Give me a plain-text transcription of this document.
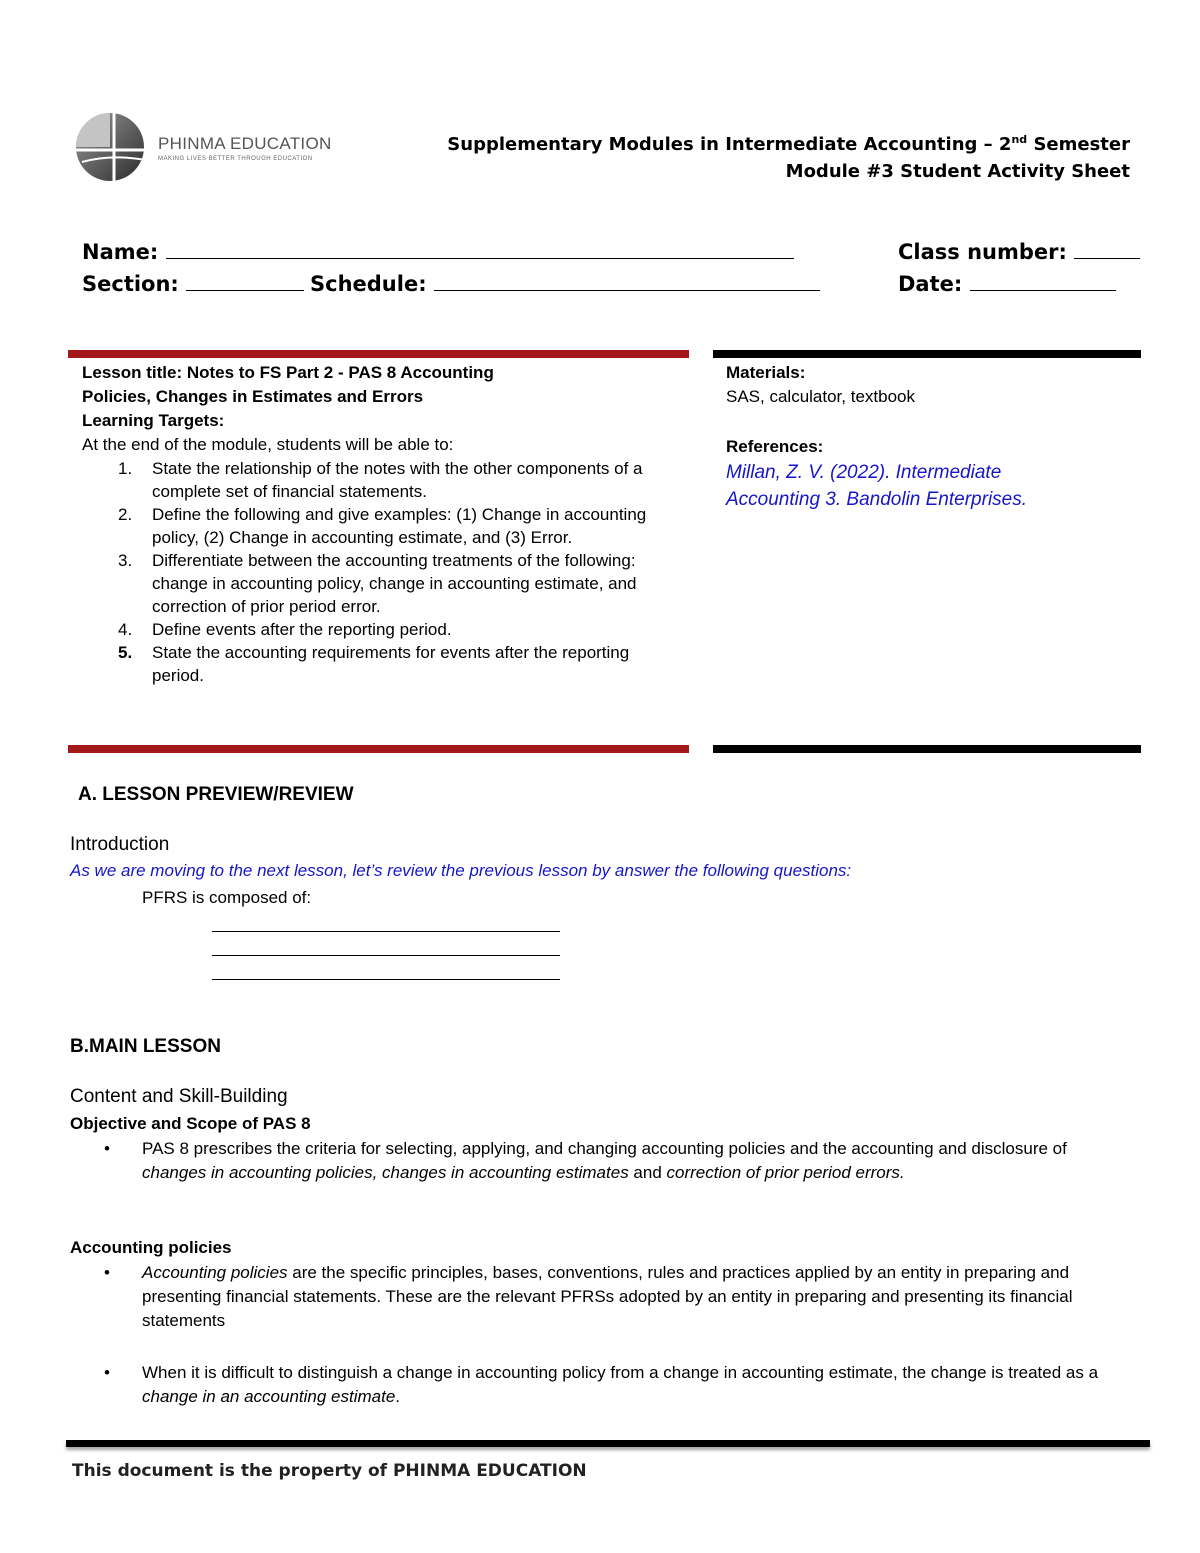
PHINMA EDUCATION
MAKING LIVES BETTER THROUGH EDUCATION
Supplementary Modules in Intermediate Accounting – 2nd Semester
Module #3 Student Activity Sheet
Name:	Class number:
Section:	Schedule:	Date:
Lesson title: Notes to FS Part 2 - PAS 8 Accounting
Policies, Changes in Estimates and Errors
Learning Targets:
At the end of the module, students will be able to:
1. State the relationship of the notes with the other components of a complete set of financial statements.
2. Define the following and give examples: (1) Change in accounting policy, (2) Change in accounting estimate, and (3) Error.
3. Differentiate between the accounting treatments of the following: change in accounting policy, change in accounting estimate, and correction of prior period error.
4. Define events after the reporting period.
5. State the accounting requirements for events after the reporting period.
Materials:
SAS, calculator, textbook
References:
Millan, Z. V. (2022). Intermediate
Accounting 3. Bandolin Enterprises.
A. LESSON PREVIEW/REVIEW
Introduction
As we are moving to the next lesson, let’s review the previous lesson by answer the following questions:
PFRS is composed of:
B.MAIN LESSON
Content and Skill-Building
Objective and Scope of PAS 8
• PAS 8 prescribes the criteria for selecting, applying, and changing accounting policies and the accounting and disclosure of changes in accounting policies, changes in accounting estimates and correction of prior period errors.
Accounting policies
• Accounting policies are the specific principles, bases, conventions, rules and practices applied by an entity in preparing and presenting financial statements. These are the relevant PFRSs adopted by an entity in preparing and presenting its financial statements
• When it is difficult to distinguish a change in accounting policy from a change in accounting estimate, the change is treated as a change in an accounting estimate.
This document is the property of PHINMA EDUCATION
